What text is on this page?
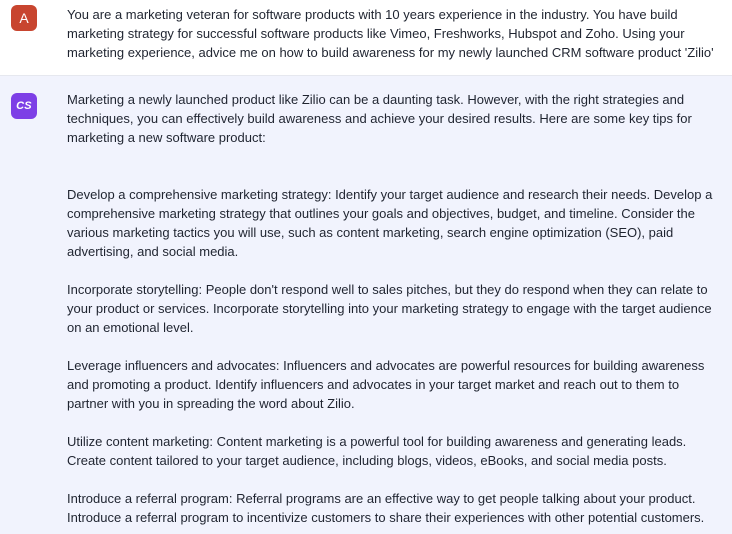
A	You are a marketing veteran for software products with 10 years experience in the industry. You have build marketing strategy for successful software products like Vimeo, Freshworks, Hubspot and Zoho. Using your marketing experience, advice me on how to build awareness for my newly launched CRM software product 'Zilio'

CS	Marketing a newly launched product like Zilio can be a daunting task. However, with the right strategies and techniques, you can effectively build awareness and achieve your desired results. Here are some key tips for marketing a new software product:

Develop a comprehensive marketing strategy: Identify your target audience and research their needs. Develop a comprehensive marketing strategy that outlines your goals and objectives, budget, and timeline. Consider the various marketing tactics you will use, such as content marketing, search engine optimization (SEO), paid advertising, and social media.

Incorporate storytelling: People don't respond well to sales pitches, but they do respond when they can relate to your product or services. Incorporate storytelling into your marketing strategy to engage with the target audience on an emotional level.

Leverage influencers and advocates: Influencers and advocates are powerful resources for building awareness and promoting a product. Identify influencers and advocates in your target market and reach out to them to partner with you in spreading the word about Zilio.

Utilize content marketing: Content marketing is a powerful tool for building awareness and generating leads. Create content tailored to your target audience, including blogs, videos, eBooks, and social media posts.

Introduce a referral program: Referral programs are an effective way to get people talking about your product. Introduce a referral program to incentivize customers to share their experiences with other potential customers.
